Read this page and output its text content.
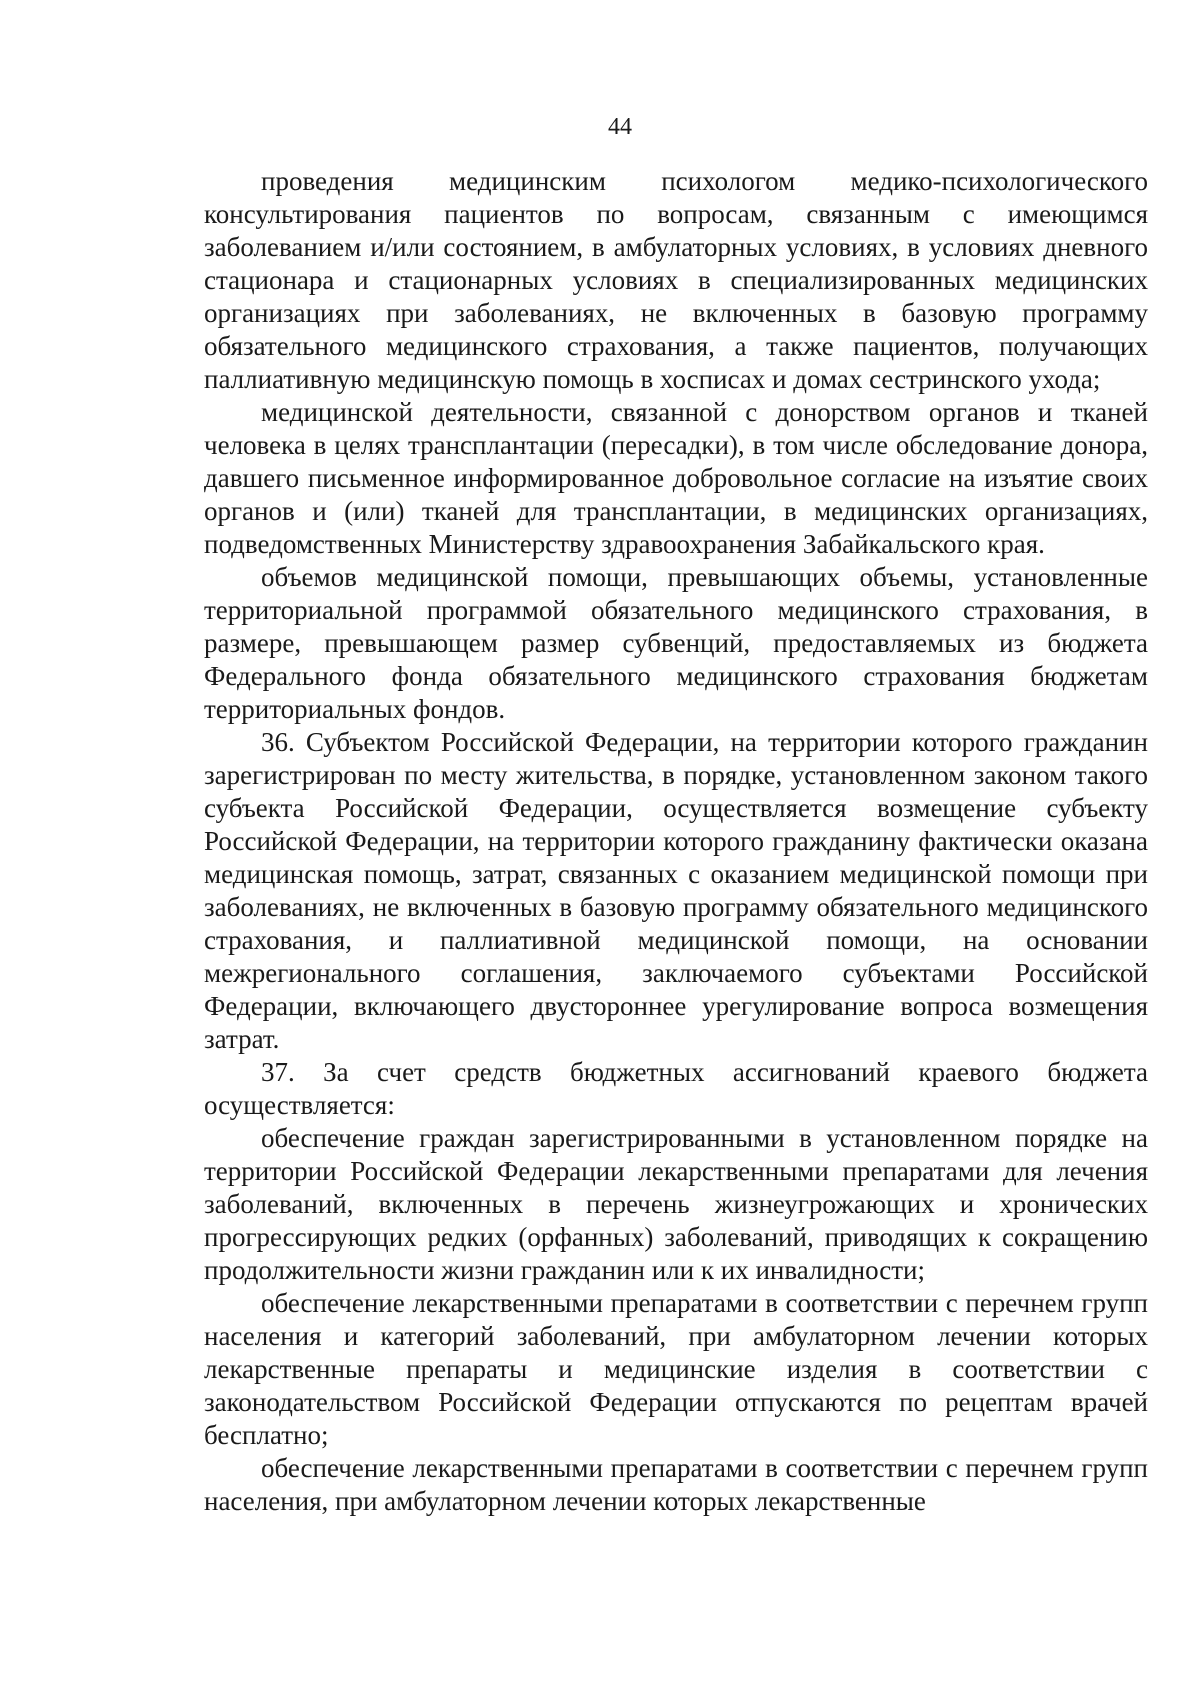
44

проведения медицинским психологом медико-психологического консультирования пациентов по вопросам, связанным с имеющимся заболеванием и/или состоянием, в амбулаторных условиях, в условиях дневного стационара и стационарных условиях в специализированных медицинских организациях при заболеваниях, не включенных в базовую программу обязательного медицинского страхования, а также пациентов, получающих паллиативную медицинскую помощь в хосписах и домах сестринского ухода;

медицинской деятельности, связанной с донорством органов и тканей человека в целях трансплантации (пересадки), в том числе обследование донора, давшего письменное информированное добровольное согласие на изъятие своих органов и (или) тканей для трансплантации, в медицинских организациях, подведомственных Министерству здравоохранения Забайкальского края.

объемов медицинской помощи, превышающих объемы, установленные территориальной программой обязательного медицинского страхования, в размере, превышающем размер субвенций, предоставляемых из бюджета Федерального фонда обязательного медицинского страхования бюджетам территориальных фондов.

36. Субъектом Российской Федерации, на территории которого гражданин зарегистрирован по месту жительства, в порядке, установленном законом такого субъекта Российской Федерации, осуществляется возмещение субъекту Российской Федерации, на территории которого гражданину фактически оказана медицинская помощь, затрат, связанных с оказанием медицинской помощи при заболеваниях, не включенных в базовую программу обязательного медицинского страхования, и паллиативной медицинской помощи, на основании межрегионального соглашения, заключаемого субъектами Российской Федерации, включающего двустороннее урегулирование вопроса возмещения затрат.

37. За счет средств бюджетных ассигнований краевого бюджета осуществляется:

обеспечение граждан зарегистрированными в установленном порядке на территории Российской Федерации лекарственными препаратами для лечения заболеваний, включенных в перечень жизнеугрожающих и хронических прогрессирующих редких (орфанных) заболеваний, приводящих к сокращению продолжительности жизни гражданин или к их инвалидности;

обеспечение лекарственными препаратами в соответствии с перечнем групп населения и категорий заболеваний, при амбулаторном лечении которых лекарственные препараты и медицинские изделия в соответствии с законодательством Российской Федерации отпускаются по рецептам врачей бесплатно;

обеспечение лекарственными препаратами в соответствии с перечнем групп населения, при амбулаторном лечении которых лекарственные
